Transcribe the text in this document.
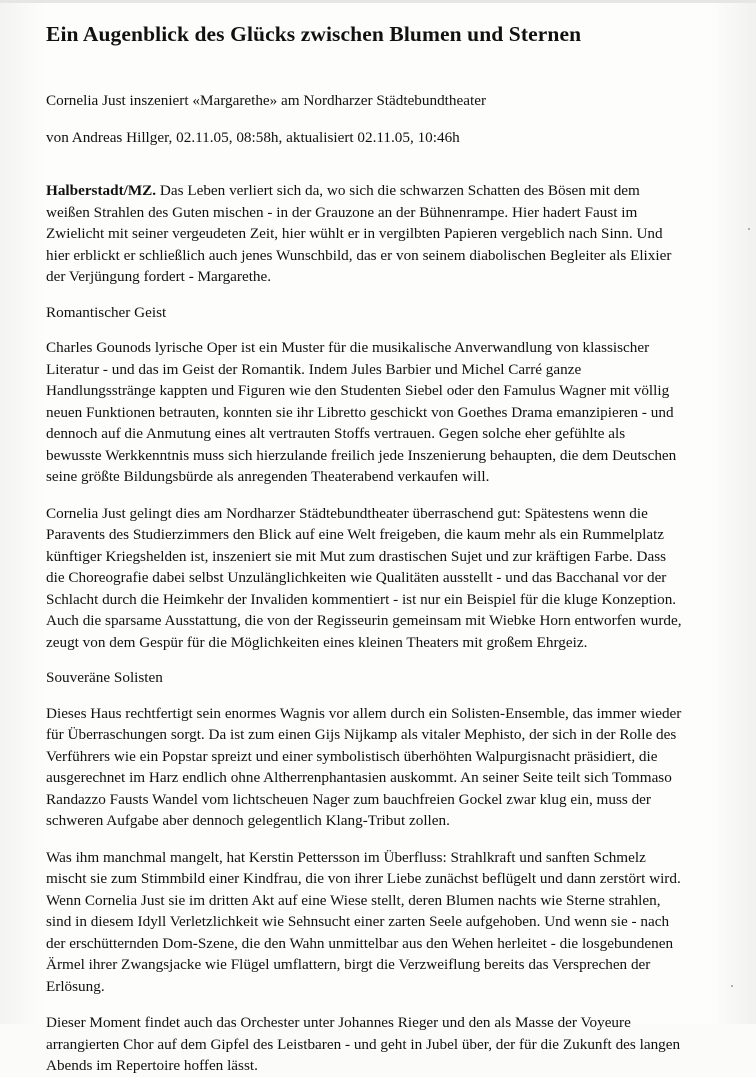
Ein Augenblick des Glücks zwischen Blumen und Sternen

Cornelia Just inszeniert «Margarethe» am Nordharzer Städtebundtheater

von Andreas Hillger, 02.11.05, 08:58h, aktualisiert 02.11.05, 10:46h

Halberstadt/MZ. Das Leben verliert sich da, wo sich die schwarzen Schatten des Bösen mit dem
weißen Strahlen des Guten mischen - in der Grauzone an der Bühnenrampe. Hier hadert Faust im
Zwielicht mit seiner vergeudeten Zeit, hier wühlt er in vergilbten Papieren vergeblich nach Sinn. Und
hier erblickt er schließlich auch jenes Wunschbild, das er von seinem diabolischen Begleiter als Elixier
der Verjüngung fordert - Margarethe.

Romantischer Geist

Charles Gounods lyrische Oper ist ein Muster für die musikalische Anverwandlung von klassischer
Literatur - und das im Geist der Romantik. Indem Jules Barbier und Michel Carré ganze
Handlungsstränge kappten und Figuren wie den Studenten Siebel oder den Famulus Wagner mit völlig
neuen Funktionen betrauten, konnten sie ihr Libretto geschickt von Goethes Drama emanzipieren - und
dennoch auf die Anmutung eines alt vertrauten Stoffs vertrauen. Gegen solche eher gefühlte als
bewusste Werkkenntnis muss sich hierzulande freilich jede Inszenierung behaupten, die dem Deutschen
seine größte Bildungsbürde als anregenden Theaterabend verkaufen will.

Cornelia Just gelingt dies am Nordharzer Städtebundtheater überraschend gut: Spätestens wenn die
Paravents des Studierzimmers den Blick auf eine Welt freigeben, die kaum mehr als ein Rummelplatz
künftiger Kriegshelden ist, inszeniert sie mit Mut zum drastischen Sujet und zur kräftigen Farbe. Dass
die Choreografie dabei selbst Unzulänglichkeiten wie Qualitäten ausstellt - und das Bacchanal vor der
Schlacht durch die Heimkehr der Invaliden kommentiert - ist nur ein Beispiel für die kluge Konzeption.
Auch die sparsame Ausstattung, die von der Regisseurin gemeinsam mit Wiebke Horn entworfen wurde,
zeugt von dem Gespür für die Möglichkeiten eines kleinen Theaters mit großem Ehrgeiz.

Souveräne Solisten

Dieses Haus rechtfertigt sein enormes Wagnis vor allem durch ein Solisten-Ensemble, das immer wieder
für Überraschungen sorgt. Da ist zum einen Gijs Nijkamp als vitaler Mephisto, der sich in der Rolle des
Verführers wie ein Popstar spreizt und einer symbolistisch überhöhten Walpurgisnacht präsidiert, die
ausgerechnet im Harz endlich ohne Altherrenphantasien auskommt. An seiner Seite teilt sich Tommaso
Randazzo Fausts Wandel vom lichtscheuen Nager zum bauchfreien Gockel zwar klug ein, muss der
schweren Aufgabe aber dennoch gelegentlich Klang-Tribut zollen.

Was ihm manchmal mangelt, hat Kerstin Pettersson im Überfluss: Strahlkraft und sanften Schmelz
mischt sie zum Stimmbild einer Kindfrau, die von ihrer Liebe zunächst beflügelt und dann zerstört wird.
Wenn Cornelia Just sie im dritten Akt auf eine Wiese stellt, deren Blumen nachts wie Sterne strahlen,
sind in diesem Idyll Verletzlichkeit wie Sehnsucht einer zarten Seele aufgehoben. Und wenn sie - nach
der erschütternden Dom-Szene, die den Wahn unmittelbar aus den Wehen herleitet - die losgebundenen
Ärmel ihrer Zwangsjacke wie Flügel umflattern, birgt die Verzweiflung bereits das Versprechen der
Erlösung.

Dieser Moment findet auch das Orchester unter Johannes Rieger und den als Masse der Voyeure
arrangierten Chor auf dem Gipfel des Leistbaren - und geht in Jubel über, der für die Zukunft des langen
Abends im Repertoire hoffen lässt.
